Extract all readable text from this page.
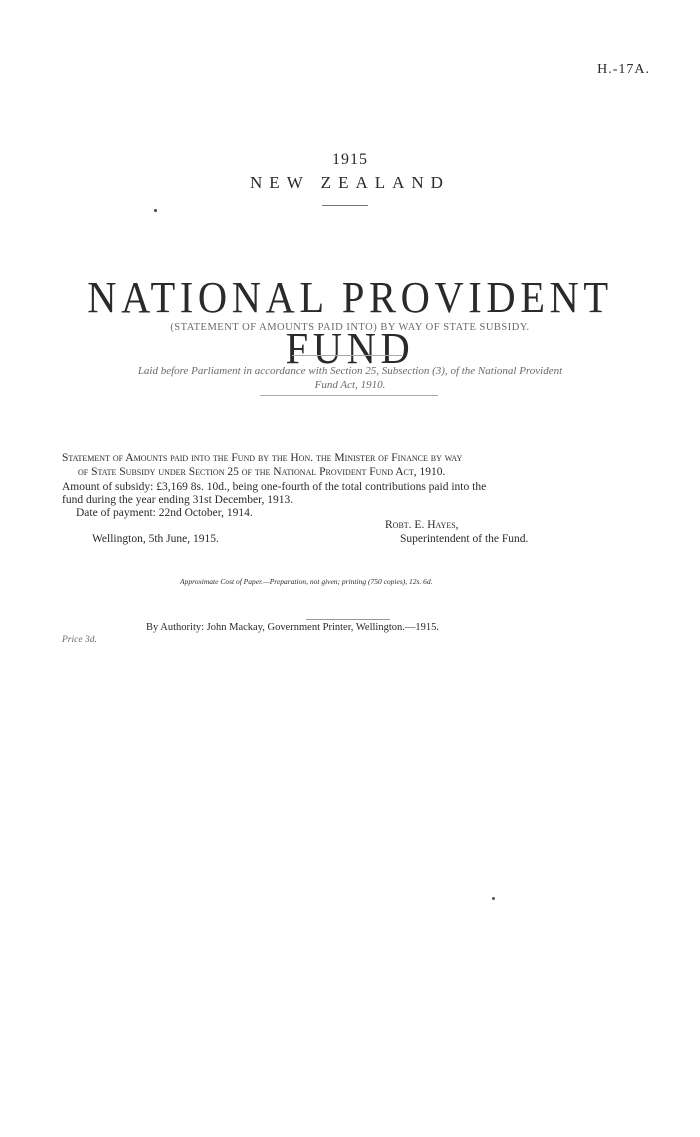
H.-17A.
1915
NEW ZEALAND
NATIONAL PROVIDENT FUND
(STATEMENT OF AMOUNTS PAID INTO) BY WAY OF STATE SUBSIDY.
Laid before Parliament in accordance with Section 25, Subsection (3), of the National Provident
Fund Act, 1910.
Statement of Amounts paid into the Fund by the Hon. the Minister of Finance by way
of State Subsidy under Section 25 of the National Provident Fund Act, 1910.
Amount of subsidy: £3,169 8s. 10d., being one-fourth of the total contributions paid into the
fund during the year ending 31st December, 1913.
Date of payment: 22nd October, 1914.
Robt. E. Hayes,
Superintendent of the Fund.
Wellington, 5th June, 1915.
Approximate Cost of Paper.—Preparation, not given; printing (750 copies), 12s. 6d.
By Authority: John Mackay, Government Printer, Wellington.—1915.
Price 3d.
